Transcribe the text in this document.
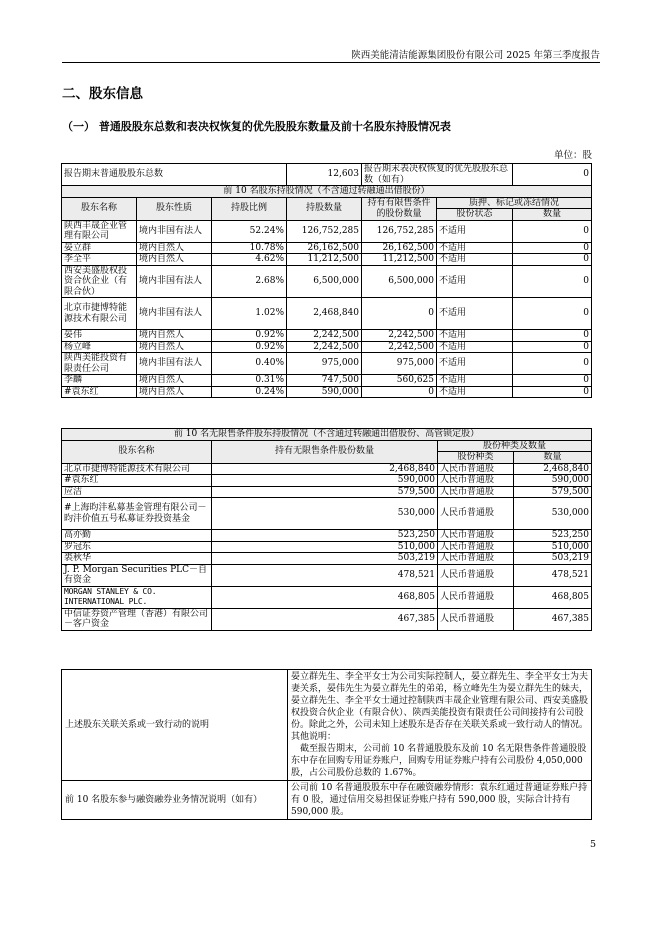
陕西美能清洁能源集团股份有限公司 2025 年第三季度报告
二、股东信息
（一） 普通股股东总数和表决权恢复的优先股股东数量及前十名股东持股情况表
单位：股
报告期末普通股股东总数			12,603	报告期末表决权恢复的优先股股东总数（如有）		0
前 10 名股东持股情况（不含通过转融通出借股份）						
股东名称	股东性质	持股比例	持股数量	持有有限售条件的股份数量	质押、标记或冻结情况	
					股份状态	数量
陕西丰晟企业管理有限公司	境内非国有法人	52.24%	126,752,285	126,752,285	不适用	0
晏立群	境内自然人	10.78%	26,162,500	26,162,500	不适用	0
李全平	境内自然人	4.62%	11,212,500	11,212,500	不适用	0
西安美盛股权投资合伙企业（有限合伙）	境内非国有法人	2.68%	6,500,000	6,500,000	不适用	0
北京市捷博特能源技术有限公司	境内非国有法人	1.02%	2,468,840	0	不适用	0
晏伟	境内自然人	0.92%	2,242,500	2,242,500	不适用	0
杨立峰	境内自然人	0.92%	2,242,500	2,242,500	不适用	0
陕西美能投资有限责任公司	境内非国有法人	0.40%	975,000	975,000	不适用	0
李麟	境内自然人	0.31%	747,500	560,625	不适用	0
#袁东红	境内自然人	0.24%	590,000	0	不适用	0
前 10 名无限售条件股东持股情况（不含通过转融通出借股份、高管锁定股）			
股东名称	持有无限售条件股份数量	股份种类及数量	
		股份种类	数量
北京市捷博特能源技术有限公司	2,468,840	人民币普通股	2,468,840
#袁东红	590,000	人民币普通股	590,000
应洁	579,500	人民币普通股	579,500
#上海昀沣私募基金管理有限公司－昀沣价值五号私募证券投资基金	530,000	人民币普通股	530,000
高亦勤	523,250	人民币普通股	523,250
罗冠东	510,000	人民币普通股	510,000
裘秋华	503,219	人民币普通股	503,219
J. P. Morgan Securities PLC－自有资金	478,521	人民币普通股	478,521
MORGAN STANLEY & CO. INTERNATIONAL PLC.	468,805	人民币普通股	468,805
中信证券资产管理（香港）有限公司－客户资金	467,385	人民币普通股	467,385
上述股东关联关系或一致行动的说明	晏立群先生、李全平女士为公司实际控制人，晏立群先生、李全平女士为夫妻关系，晏伟先生为晏立群先生的弟弟，杨立峰先生为晏立群先生的妹夫，晏立群先生、李全平女士通过控制陕西丰晟企业管理有限公司、西安美盛股权投资合伙企业（有限合伙）、陕西美能投资有限责任公司间接持有公司股份。除此之外，公司未知上述股东是否存在关联关系或一致行动人的情况。
其他说明：
截至报告期末，公司前 10 名普通股股东及前 10 名无限售条件普通股股东中存在回购专用证券账户，回购专用证券账户持有公司股份 4,050,000 股，占公司股份总数的 1.67%。

前 10 名股东参与融资融券业务情况说明（如有）	公司前 10 名普通股股东中存在融资融券情形：袁东红通过普通证券账户持有 0 股，通过信用交易担保证券账户持有 590,000 股，实际合计持有 590,000 股。
5
